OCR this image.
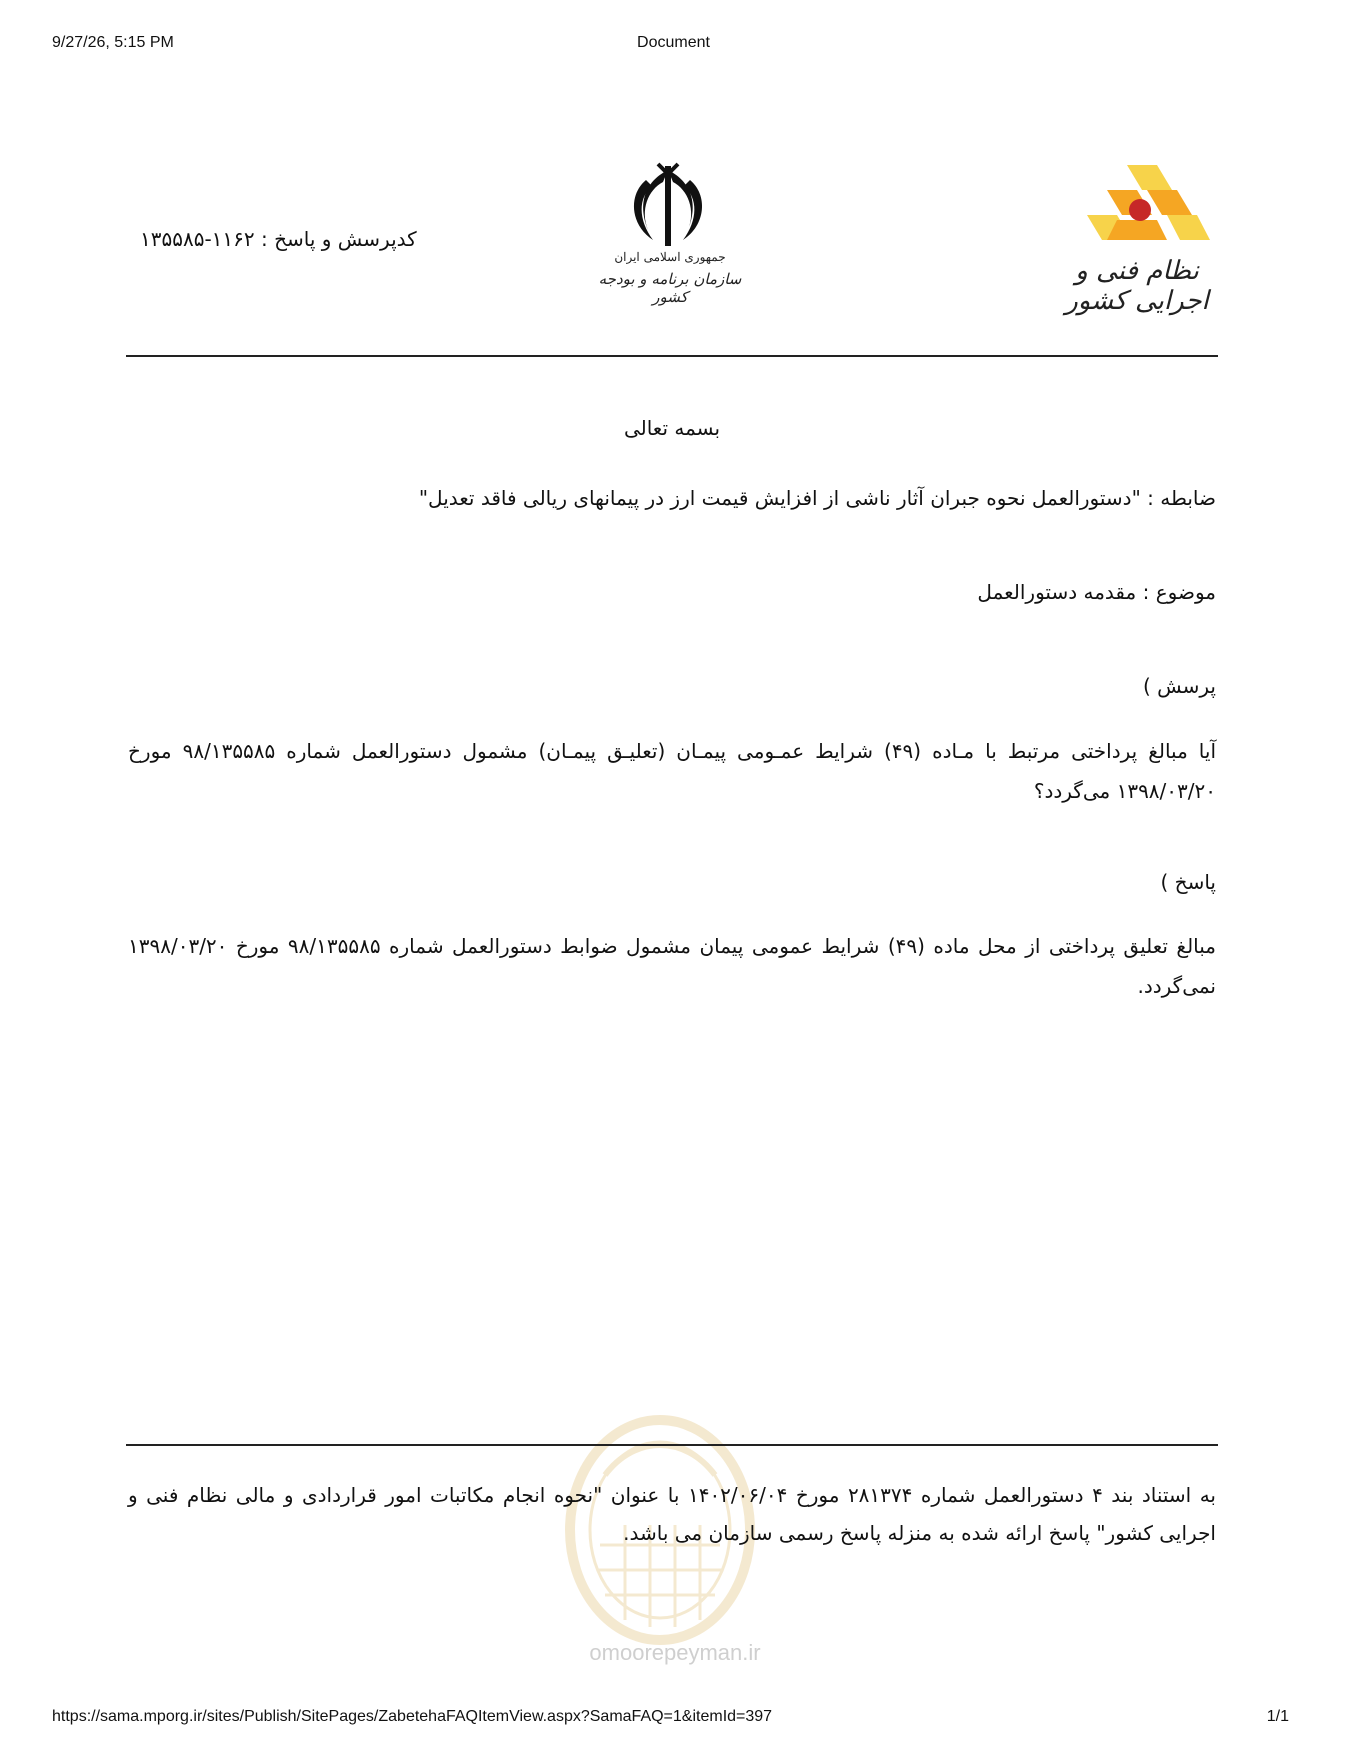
9/27/26, 5:15 PM	Document
نظام فنی و اجرایی کشور
جمهوری اسلامی ایران
سازمان برنامه و بودجه کشور
کدپرسش و پاسخ : ۱۱۶۲-۱۳۵۵۸۵
بسمه تعالی
ضابطه : "دستورالعمل نحوه جبران آثار ناشی از افزایش قیمت ارز در پیمانهای ریالی فاقد تعدیل"
موضوع : مقدمه دستورالعمل
پرسش )
آیا مبالغ پرداختی مرتبط با مـاده (۴۹) شرایط عمـومی پیمـان (تعلیـق پیمـان) مشمول دستورالعمل شماره ۹۸/۱۳۵۵۸۵ مورخ ۱۳۹۸/۰۳/۲۰ می‌گردد؟
پاسخ )
مبالغ تعلیق پرداختی از محل ماده (۴۹) شرایط عمومی پیمان مشمول ضوابط دستورالعمل شماره ۹۸/۱۳۵۵۸۵ مورخ ۱۳۹۸/۰۳/۲۰ نمی‌گردد.
omoorepeyman.ir
به استناد بند ۴ دستورالعمل شماره ۲۸۱۳۷۴ مورخ ۱۴۰۲/۰۶/۰۴ با عنوان "نحوه انجام مکاتبات امور قراردادی و مالی نظام فنی و اجرایی کشور" پاسخ ارائه شده به منزله پاسخ رسمی سازمان می باشد.
https://sama.mporg.ir/sites/Publish/SitePages/ZabetehaFAQItemView.aspx?SamaFAQ=1&itemId=397	1/1
